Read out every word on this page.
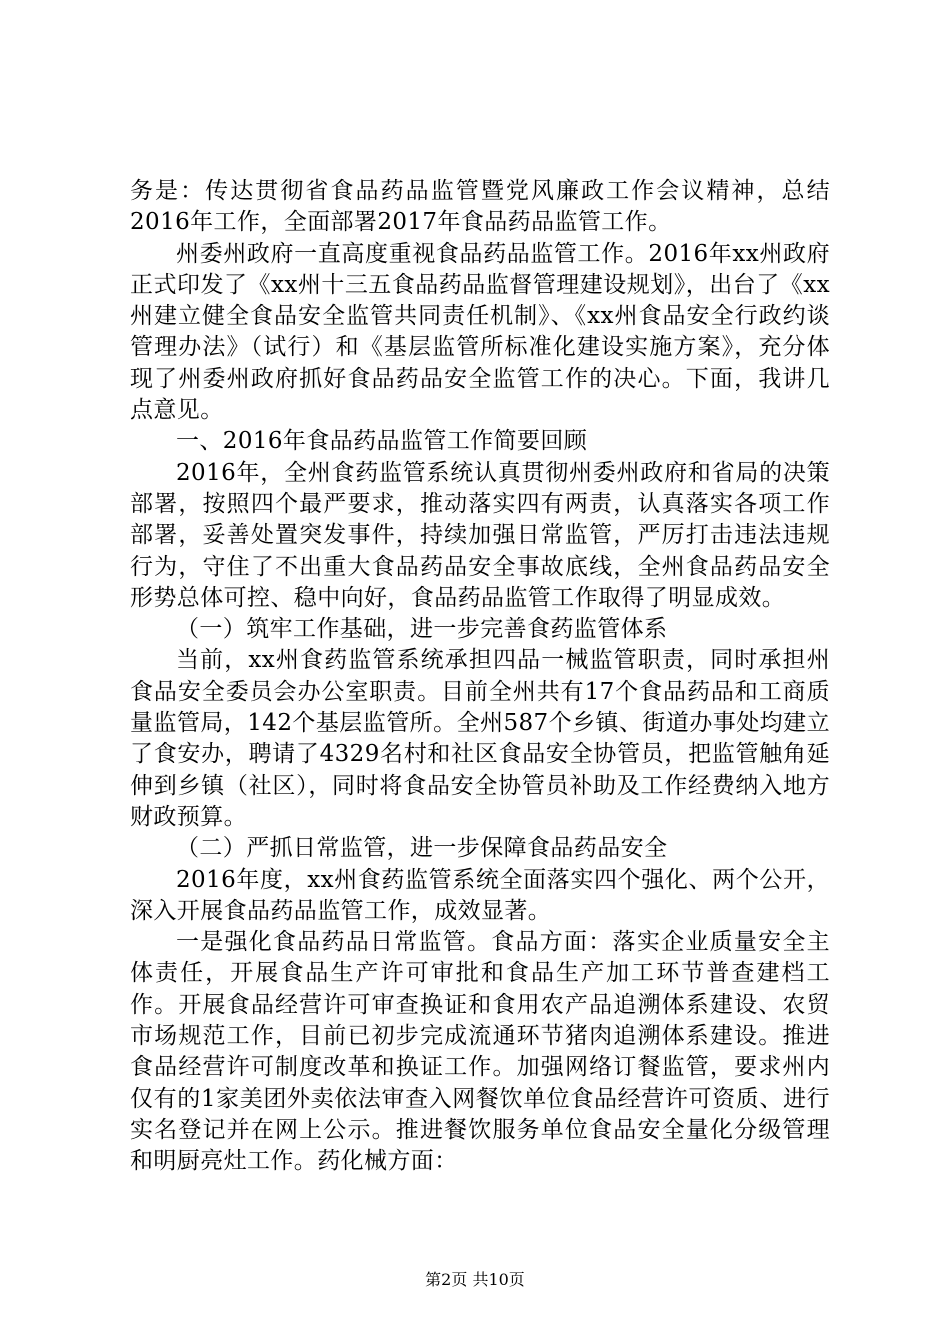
务是：传达贯彻省食品药品监管暨党风廉政工作会议精神，总结2016年工作，全面部署2017年食品药品监管工作。

州委州政府一直高度重视食品药品监管工作。2016年xx州政府正式印发了《xx州十三五食品药品监督管理建设规划》，出台了《xx州建立健全食品安全监管共同责任机制》、《xx州食品安全行政约谈管理办法》（试行）和《基层监管所标准化建设实施方案》，充分体现了州委州政府抓好食品药品安全监管工作的决心。下面，我讲几点意见。

一、2016年食品药品监管工作简要回顾

2016年，全州食药监管系统认真贯彻州委州政府和省局的决策部署，按照四个最严要求，推动落实四有两责，认真落实各项工作部署，妥善处置突发事件，持续加强日常监管，严厉打击违法违规行为，守住了不出重大食品药品安全事故底线，全州食品药品安全形势总体可控、稳中向好，食品药品监管工作取得了明显成效。

（一）筑牢工作基础，进一步完善食药监管体系

当前，xx州食药监管系统承担四品一械监管职责，同时承担州食品安全委员会办公室职责。目前全州共有17个食品药品和工商质量监管局，142个基层监管所。全州587个乡镇、街道办事处均建立了食安办，聘请了4329名村和社区食品安全协管员，把监管触角延伸到乡镇（社区），同时将食品安全协管员补助及工作经费纳入地方财政预算。

（二）严抓日常监管，进一步保障食品药品安全

2016年度，xx州食药监管系统全面落实四个强化、两个公开，深入开展食品药品监管工作，成效显著。

一是强化食品药品日常监管。食品方面：落实企业质量安全主体责任，开展食品生产许可审批和食品生产加工环节普查建档工作。开展食品经营许可审查换证和食用农产品追溯体系建设、农贸市场规范工作，目前已初步完成流通环节猪肉追溯体系建设。推进食品经营许可制度改革和换证工作。加强网络订餐监管，要求州内仅有的1家美团外卖依法审查入网餐饮单位食品经营许可资质、进行实名登记并在网上公示。推进餐饮服务单位食品安全量化分级管理和明厨亮灶工作。药化械方面：

第2页 共10页
